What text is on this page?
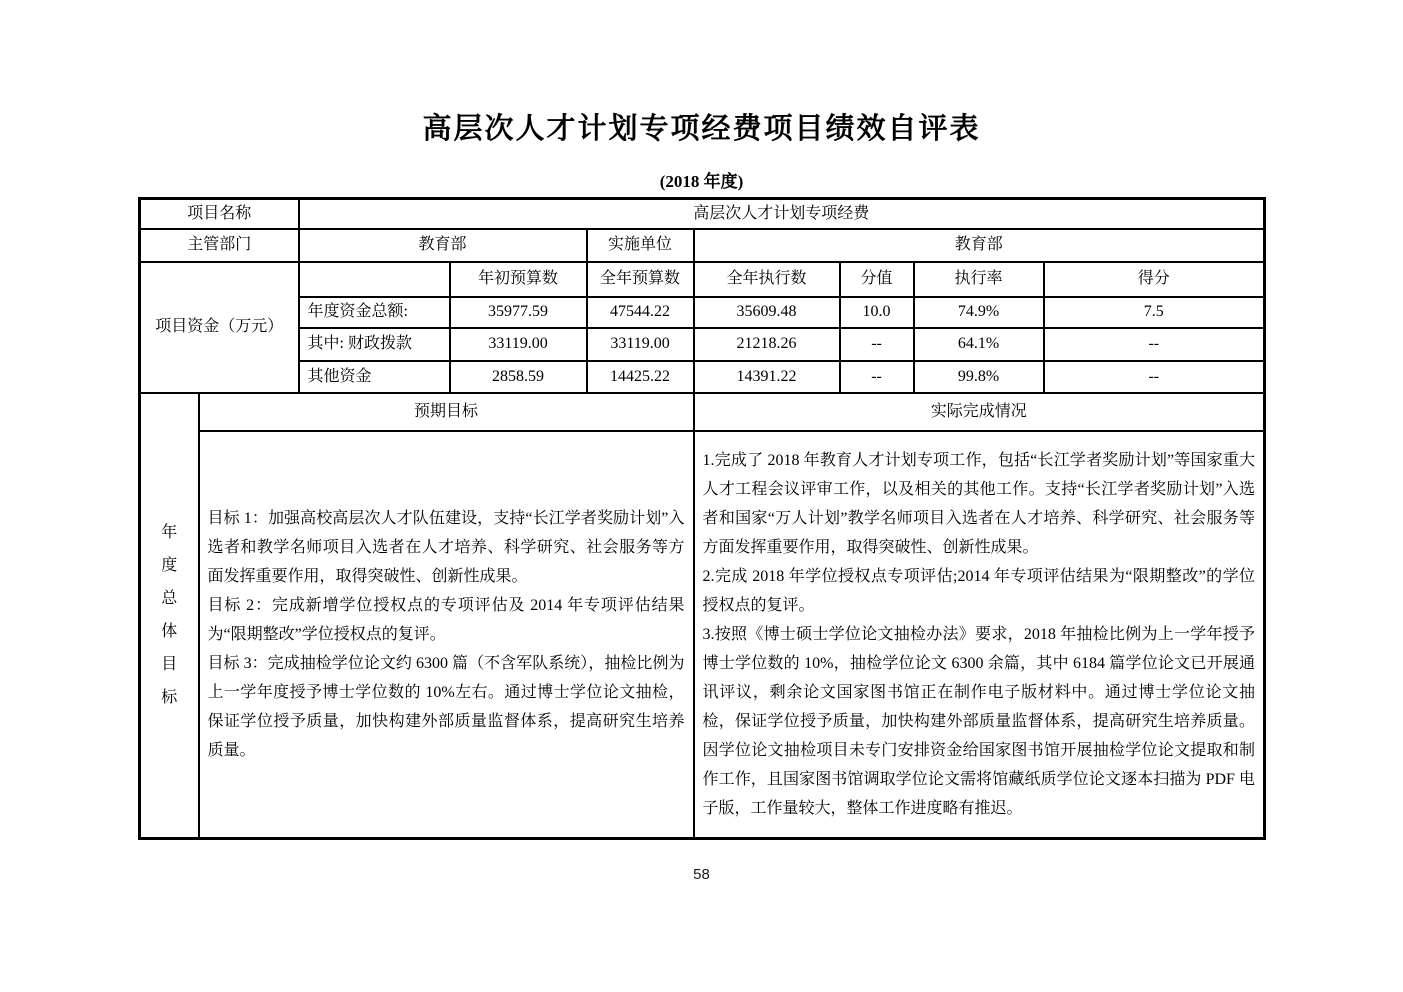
高层次人才计划专项经费项目绩效自评表
(2018 年度)
项目名称		高层次人才计划专项经费						
主管部门		教育部		实施单位	教育部			
项目资金（万元）			年初预算数	全年预算数	全年执行数	分值	执行率	得分
		年度资金总额:	35977.59	47544.22	35609.48	10.0	74.9%	7.5
		其中: 财政拨款	33119.00	33119.00	21218.26	--	64.1%	--
		其他资金	2858.59	14425.22	14391.22	--	99.8%	--

年度
总体
目标	预期目标				实际完成情况			

目标 1：加强高校高层次人才队伍建设，支持“长江学者奖励计划”入选者和教学名师项目入选者在人才培养、科学研究、社会服务等方面发挥重要作用，取得突破性、创新性成果。

目标 2：完成新增学位授权点的专项评估及 2014 年专项评估结果为“限期整改”学位授权点的复评。

目标 3：完成抽检学位论文约 6300 篇（不含军队系统），抽检比例为上一学年度授予博士学位数的 10%左右。通过博士学位论文抽检，保证学位授予质量，加快构建外部质量监督体系，提高研究生培养质量。

1.完成了 2018 年教育人才计划专项工作，包括“长江学者奖励计划”等国家重大人才工程会议评审工作，以及相关的其他工作。支持“长江学者奖励计划”入选者和国家“万人计划”教学名师项目入选者在人才培养、科学研究、社会服务等方面发挥重要作用，取得突破性、创新性成果。

2.完成 2018 年学位授权点专项评估;2014 年专项评估结果为“限期整改”的学位授权点的复评。

3.按照《博士硕士学位论文抽检办法》要求，2018 年抽检比例为上一学年授予博士学位数的 10%，抽检学位论文 6300 余篇，其中 6184 篇学位论文已开展通讯评议，剩余论文国家图书馆正在制作电子版材料中。通过博士学位论文抽检，保证学位授予质量，加快构建外部质量监督体系，提高研究生培养质量。因学位论文抽检项目未专门安排资金给国家图书馆开展抽检学位论文提取和制作工作，且国家图书馆调取学位论文需将馆藏纸质学位论文逐本扫描为 PDF 电子版，工作量较大，整体工作进度略有推迟。

58
